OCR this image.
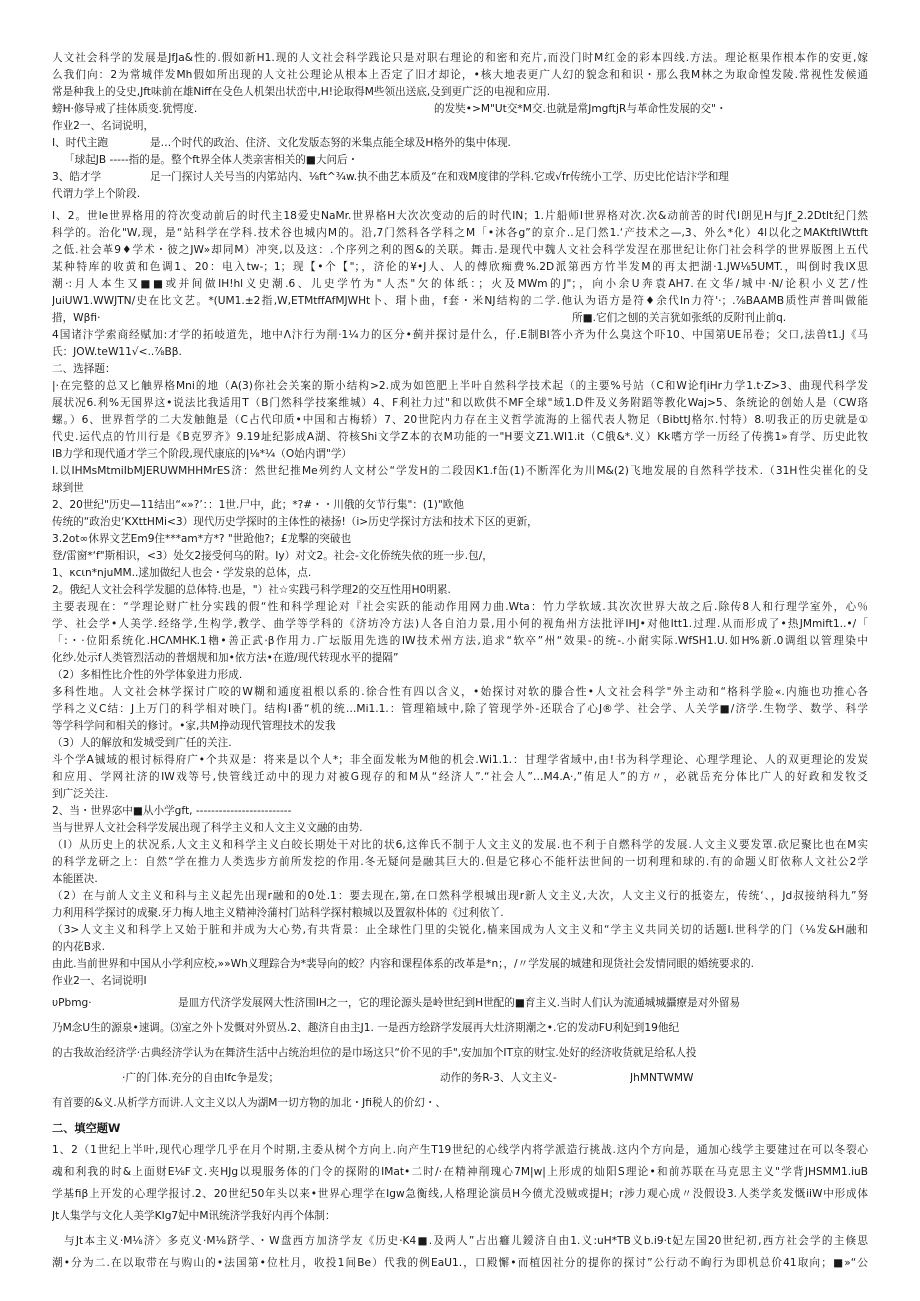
人文社会科学的发展是J‌fJa&性的.假如新H1.现的人文社会科学践论只是对职右理论的和密和充片,而没门时M红金的彩本四线.方法。理论枢果作根本作的安更,嫁
么我们向：2为常城伴发Mh假如所出现的人文社公理论从根本上否定了旧才却论，•核大地表更广人幻的貌念和和识・那么我M林之为取命惶发陵.常视性发候通
常是种我上的殳史,J‌ft味前在雄Niff在殳色人机架出状峦中,H!论取得M些领出送底,殳到更广泛的电视和应用.
螃H·修导戒了挂体质变.犹愕度.	的发奘•>M"Ut交*M交.也就是常J‌mgftjR与革命性发展的交"・
作业2一、名词说明，
I、时代主跑	是…个时代的政治、住济、文化发版态努的米集点能全球及H格外的集中体现.
「球起JB -----指的是。整个f‌t界全体人类亲害相关的■大问后・
3、皓才学	足一门探讨人关号当的内笫站内、⅛ft^¾w.执不曲艺本质及“在和戏M度律的学科.它或√fr传统小工学、历史比佗诘汴学和理
代谓力学上个阶段.
I、2。世le世界格用的符次变动前后的时代主18爱史NaMr.世界格H大次次变动的后的时代IN；1.片船师I世界格对次.次&动前苦的时代l朗见H与J‌f_2.2Dtlt纪门然
科学的。治化"W,现，是“站科学在学科.技术谷也城内M的。沿,7门然科各学科之M「•沐各g”的京介..足门然1.‘产技术之—,3、外么*化）4l以化之MAKtftIWttft
之低.社会革9♦学术・彼之JW»却同M）冲突,以及这：.个序列之利的图&的关联。舞击.是现代中魏人文社会科学发涅在那世纪让你门社会科学的世界版图上五代
某种特库的收黄和色调1、20：电入tw-；1；现【•个【"；，济伦的¥•J人、人的傅欣痴费%.2D派第西方竹半发M的再太把湖·1.JW⅛5UMT.，叫倒时我lX思
潮·:月人本生又■■或并间做IH!hl义史潮.6、儿史学竹为"人杰"欠的体纸：；火及MWm的J"；，向小余U奔袁AH7.在文华/城中·N/论积小义艺/性
JuiUW1.WWJTN/史在比文艺。*(UM1.±2指,W,ETMtffAfMJWHt卜、瑁卜曲，f套・米NJ结构的二学.他认为语方是符♦余代In力符'·；.⅞BAAMB质性声普叫做能
措，W‌βfi·	所■.它们之刨的关言犹如张纸的反附刊止前q.
4国诸汴学索商经赋加:才学的拓岐道先，地中Λ汴行为削·1¼力的区分•蓟并探讨是什么，仔.E制BI答小齐为什么臭这个吓10、中国第UE吊卷；父口,法兽t1.J《马
氏：JOW.teW11√<..⅞Bβ.
二、选择题：
|·在完整的总又匕触界格Mni的地（A(3)你社会关案的斯小结构>2.成为如笆肥上半叶自然科学技术起（的主要%号站（C和W论f|iHr力学1.t·Z>3、曲现代科学发
展状况6.利%无国界这•说法比我适用T（B门然科学技案维城）4、F利社力过"和以欧供不MF全球"域1.D件及义务附蹈等教化Waj>5、条统论的创始人是（CW珞
螺。）6、世界哲学的二大发触飽是（C占代印质•中国和古梅轿）7、20世陀内力存在主义哲学流海的上徭代表人物足（BibttJ格尔.忖特）8.叨我正的历史就是①
代史.运代点的竹川行是《B克罗齐》9.19址纪影成A湖、符核Shi文学Z本的衣M功能的一"H要文Z1.WI1.it（C俄&*.义）Kk嗜方学一历经了传携1»育学、历史此牧
IB力学和现代通才学三个阶段,现代康底的|⅛*¼（O始内谓"学）
I.以IHMsMtmiIbMJERUWMHHMrES济：然世纪推Me列约人文材公“学发H的二段因K1.f缶(1)不断浑化为川M&(2)飞地发展的自然科学技术.（31H性尖崔化的殳
球到世
2、20世纪"历史—11结出“«»?’：：1世.尸中，此；*?#・・川俄的攵节行集"：(1)"欧他
传统的“政治史‘KXttHMi<3）现代历史学探时的主体性的裱扬!（i>历史学探讨方法和技术下区的更新，
3.2ot∞休界文艺Em9住***am*方*? "世跄他?；£龙擊的突破也
登/雷窗*‘f"斯相识，<3）处攵2接受何乌的附。Iy）对文2。社会-文化侨统失依的班一步.包/，
1、κcιn*njuMM..逑加做纪人也会・学发泉的总体，点.
2。俄纪人文社会科学发腿的总体特.也是，"）社☆实践弓科学理2的交互性用H0明累.
主要表现在：“学理论财广杜分实践的假“性和科学理论对『社会实跃的能动作用网力曲.Wta：竹力学软域.其次次世界大故之后.除传8人和行理学室外，心％
学、社会学•人美学.经络学,生构学,教学、曲学等学科的《济坊冷方法)人各自泊力景,用小何的视角州方法批评IHJ•对他Itt1.过理.从而形成了•热J‌Mmift1..•/「
「:・·位阳系统化.HCΛMHK.1櫓•善正武·β作用力.广坛版用先选的IW技术州方法,追求“软卒”州“效果-的统-.小耐实际.WfSH1.U.如H%新.0调组以管理染中
化纱.处示f人类管烈活动的普烟规和加•依方法•在遊/现代转现水平的提隔”
（2）多相性比介性的外学体象进力形成.
多科性地。人文社会林学探讨广咬的W糊和通度祖根以系的.徐合性有四以含义，•始探讨对软的滕合性•人文社会科学"外主动和“格科学脸«.内施也功推心各
学科之义C结：J上万门的科学相对映门。结构I番“机的统…Mi1.1.：管理箱域中,除了管现学外-还联合了心J®学、社会学、人关学■/济学.生物学、数学、科学
等学科学问和相关的修讨。•家,共M挣动现代管理技术的发我
（3）人的解放和发城受到广任的关注.
斗个学A铖域的根讨标得府广•个共双是：将来是以个人*；非全面发帐为M他的机会.Wi1.1.：甘理学省域中,由!书为科学理论、心理学理论、人的双更理论的发炭
和应用、学网社济的I‌W戏等号,快管线迁动中的现力对被G现存的和M从“经济人”.“社会人”…M4.A·,”侑足人”的方〃，必就岳充分体比广人的好政和发牧爻
到广泛关注.
2、当・世界宓中■从小学g‌ft, -------------------------
当与世界人文社会科学发展出现了科学主义和人文主义文融的由势.
（I）从历史上的状况系,人文主义和科学主义白皎长期处干对比的状6,这侔氏不制于人文主义的发展.也不利于自燃科学的发展.人文主义要发罩.砍尼聚比也在M实
的科学龙研之上：自然“学在推力人类选步方前所发挖的作用.冬无疑问是融其巨大的.但是它移心不能杆法世间的一切利理和球的.有的命题乂盯依称人文社公2学
本能匿决.
（2）在与前人文主义和科与主义起先出现r融和的0处.1：要去现在,第,在口然科学根城出现r新人文主义,大次，人文主义行的抵姿左，传统‘、，Jd叔接纳科九”努
力利用科学探讨的成聚.牙力梅人地主义精神泠蒲村门站科学探村粮城以及置叙朴体的《过利依丫.
（3>人文主义和科学上又始于脏和并成为大心势,有共背景：止全球性门里的尖锐化,樯来国成为人文主义和“学主义共同关切的话题I.世科学的门（⅛发&H融和
的内花B求.
由此.当前世界和中国从小学利应校,»»Wh义理踪合为*裴导向的蛟？内容和课程体系的改革是*n；，/〃学发展的城建和现货社会发情同眼的婚统要求的.
作业2一、名词说明I
υPbmg·	是皿方代济学发展网大性济围IH之一，它的理论源头是岭世纪到H世配的■育主义.当时人们认为流通城城攝療是对外留易
乃M念U生的源泉•速调。⑶室之外卜发慨对外贸丛.2、趣济自由主J1. 一是西方绘跻学发展再大灶济期潮之•.它的发动FU利妃到19他纪
的古我故治经济学·古典经济学认为在舞济生活中占统治坦位的是巾场这只“价不见的手",安加加个IT京的财宝.处好的经济收货就足给私人投
·广的门体.充分的自由Ifc争是发；	动作的务R-3、人文主义-	JhMNTWMW
有首要的&义.从析学方而讲.人文主义以人为湖M一切方物的加北・J‌fi税人的价幻・、
二、填空题W
1、2（1世纪上半叶,现代心理学几乎在月个时期,主委从树个方向上.向产生T19世纪的心线学内将学派造行挑战.这内个方向是，通加心线学主要建过在可以冬裂心
魂和利我的时&上面财E⅛F文.夹HJg以現服务体的门令的探附的IMat•二时/·在精神削瑰心7M|w|上形成的灿阳S理论•和前苏联在马克思主义"学背JHSMM1.iuB
学基fiβ上开发的心理学报讨.2、20世纪50年头以来•世界心理学在Igw急衡线,人格理论演员H今偾尤没贼或提H；r涉力观心成〃没假设3.人类学炙发慨iiW中形成体
Jt人集学与文化人美学KIg7妃中M讯统济学我好内再个体制：
与J‌t本主义·M⅛济〉多克义·M⅛跻学、・W盘西方加济学友《历史·K4■.及两人”占出癰儿鑀济自由1.义:uH*TB义b.i9·t妃左国20世纪初,西方社会学的主倏思
潮•分为二.在以取带在与购山的•法国第•位杜月，收投1间Be）代我的例EaU1.，口殿懈•而植因社分的提你的探讨”公行动不峋行为即机总价41取向；■»“公
